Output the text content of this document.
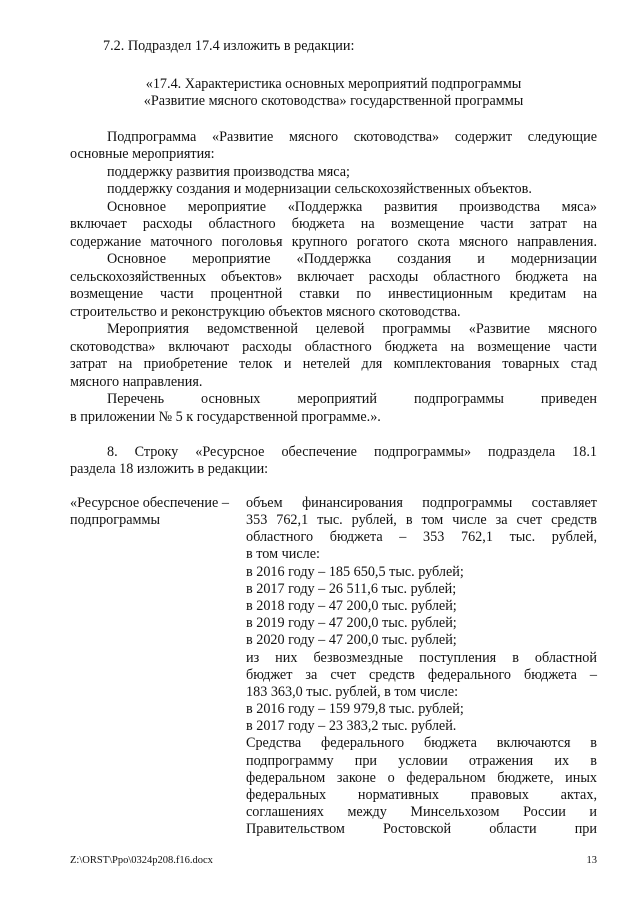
7.2. Подраздел 17.4 изложить в редакции:
«17.4. Характеристика основных мероприятий подпрограммы
«Развитие мясного скотоводства» государственной программы
Подпрограмма «Развитие мясного скотоводства» содержит следующие
основные мероприятия:
поддержку развития производства мяса;
поддержку создания и модернизации сельскохозяйственных объектов.
Основное мероприятие «Поддержка развития производства мяса»
включает расходы областного бюджета на возмещение части затрат на
содержание маточного поголовья крупного рогатого скота мясного направления.
Основное мероприятие «Поддержка создания и модернизации
сельскохозяйственных объектов» включает расходы областного бюджета на
возмещение части процентной ставки по инвестиционным кредитам на
строительство и реконструкцию объектов мясного скотоводства.
Мероприятия ведомственной целевой программы «Развитие мясного
скотоводства» включают расходы областного бюджета на возмещение части
затрат на приобретение телок и нетелей для комплектования товарных стад
мясного направления.
Перечень основных мероприятий подпрограммы приведен
в приложении № 5 к государственной программе.».
8. Строку «Ресурсное обеспечение подпрограммы» подраздела 18.1
раздела 18 изложить в редакции:
«Ресурсное обеспечение –
подпрограммы
объем финансирования подпрограммы составляет
353 762,1 тыс. рублей, в том числе за счет средств
областного бюджета – 353 762,1 тыс. рублей,
в том числе:
в 2016 году – 185 650,5 тыс. рублей;
в 2017 году – 26 511,6 тыс. рублей;
в 2018 году – 47 200,0 тыс. рублей;
в 2019 году – 47 200,0 тыс. рублей;
в 2020 году – 47 200,0 тыс. рублей;
из них безвозмездные поступления в областной
бюджет за счет средств федерального бюджета –
183 363,0 тыс. рублей, в том числе:
в 2016 году – 159 979,8 тыс. рублей;
в 2017 году – 23 383,2 тыс. рублей.
Средства федерального бюджета включаются в
подпрограмму при условии отражения их в
федеральном законе о федеральном бюджете, иных
федеральных нормативных правовых актах,
соглашениях между Минсельхозом России и
Правительством Ростовской области при
Z:\ORST\Ppo\0324p208.f16.docx	13
